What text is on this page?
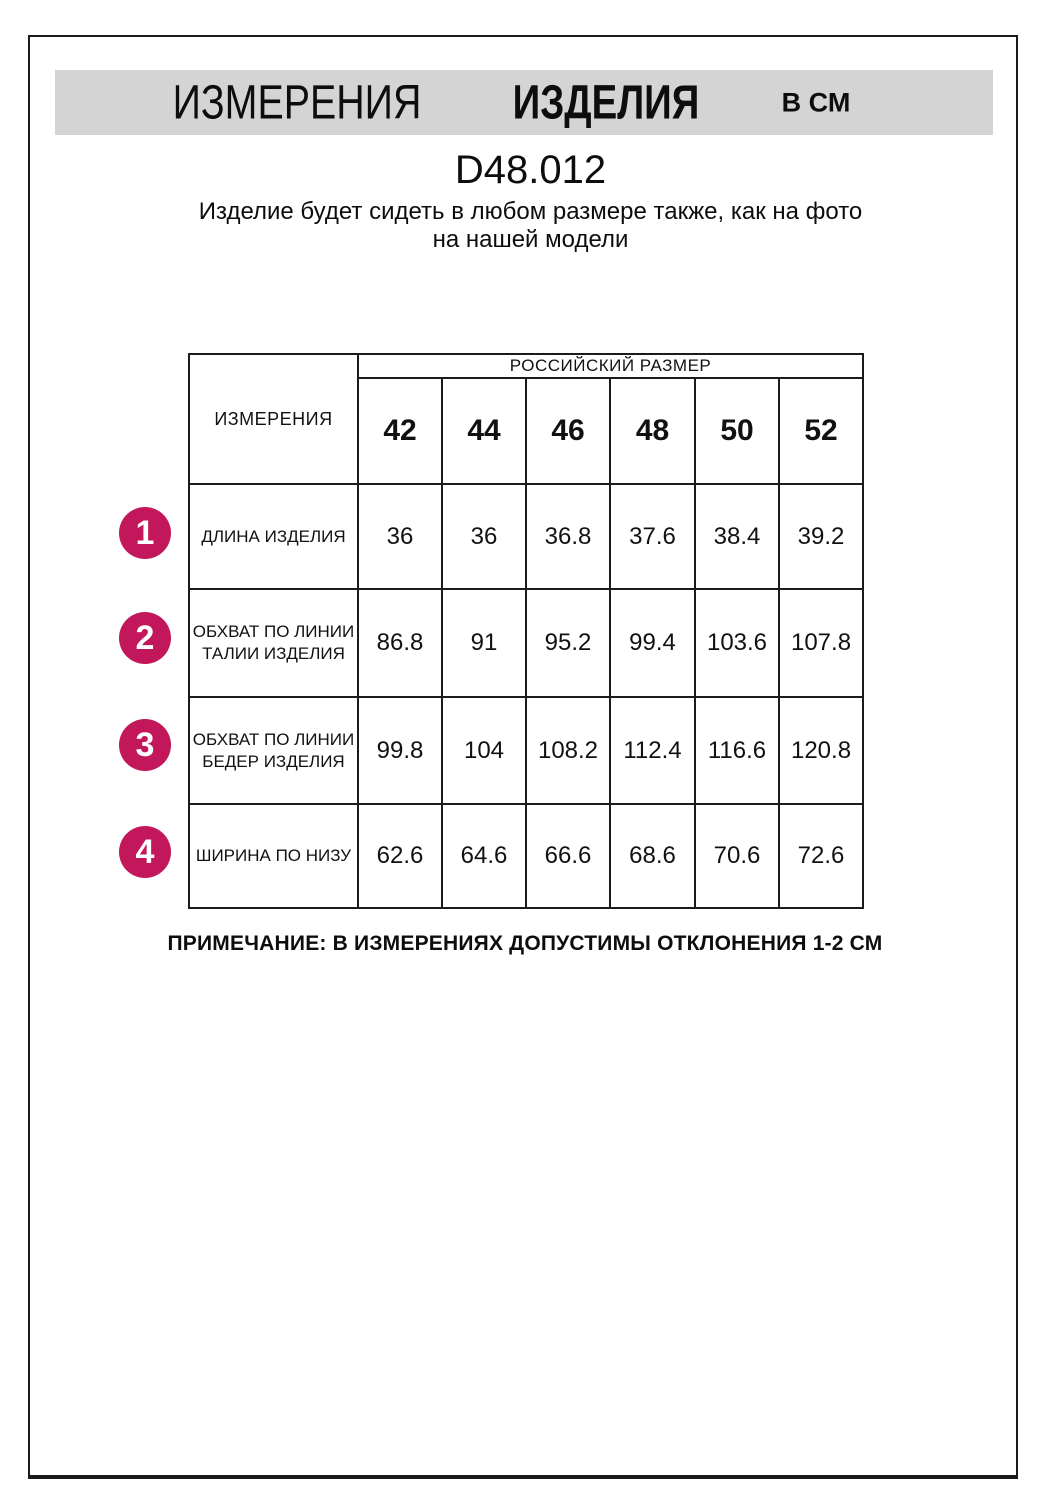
ИЗМЕРЕНИЯ ИЗДЕЛИЯ	В СМ
D48.012
Изделие будет сидеть в любом размере также, как на фото
на нашей модели
ИЗМЕРЕНИЯ	РОССИЙСКИЙ РАЗМЕР					
	42	44	46	48	50	52
ДЛИНА ИЗДЕЛИЯ	36	36	36.8	37.6	38.4	39.2
ОБХВАТ ПО ЛИНИИ ТАЛИИ ИЗДЕЛИЯ	86.8	91	95.2	99.4	103.6	107.8
ОБХВАТ ПО ЛИНИИ БЕДЕР ИЗДЕЛИЯ	99.8	104	108.2	112.4	116.6	120.8
ШИРИНА ПО НИЗУ	62.6	64.6	66.6	68.6	70.6	72.6
1
2
3
4
ПРИМЕЧАНИЕ: В ИЗМЕРЕНИЯХ ДОПУСТИМЫ ОТКЛОНЕНИЯ 1-2 СМ
